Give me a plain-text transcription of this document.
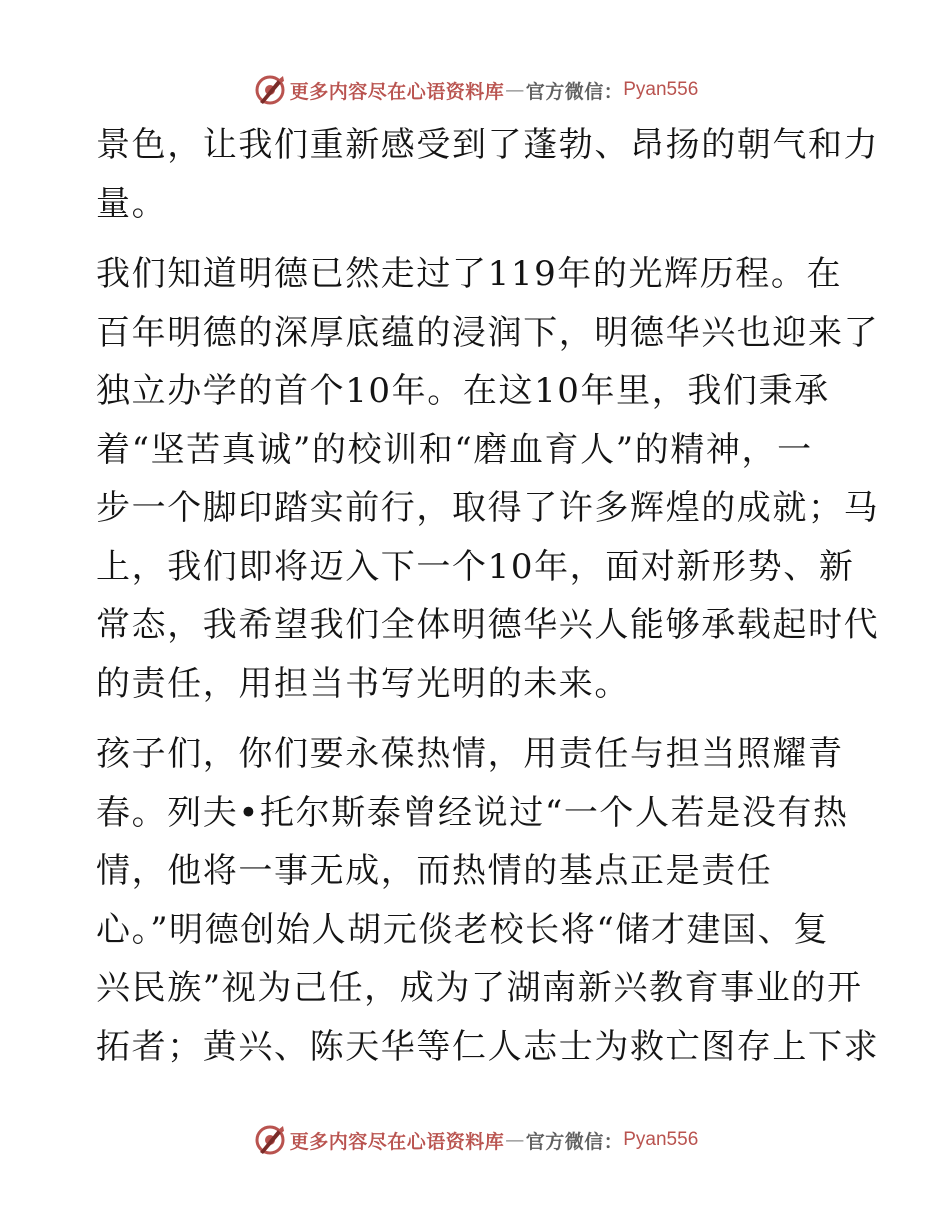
更多内容尽在心语资料库 — 官方微信： Pyan556
景色，让我们重新感受到了蓬勃、昂扬的朝气和力
量。
我们知道明德已然走过了119年的光辉历程。在
百年明德的深厚底蕴的浸润下，明德华兴也迎来了
独立办学的首个10年。在这10年里，我们秉承
着“坚苦真诚”的校训和“磨血育人”的精神，一
步一个脚印踏实前行，取得了许多辉煌的成就；马
上，我们即将迈入下一个10年，面对新形势、新
常态，我希望我们全体明德华兴人能够承载起时代
的责任，用担当书写光明的未来。
孩子们，你们要永葆热情，用责任与担当照耀青
春。列夫•托尔斯泰曾经说过“一个人若是没有热
情，他将一事无成，而热情的基点正是责任
心。”明德创始人胡元倓老校长将“储才建国、复
兴民族”视为己任，成为了湖南新兴教育事业的开
拓者；黄兴、陈天华等仁人志士为救亡图存上下求
更多内容尽在心语资料库 — 官方微信： Pyan556
